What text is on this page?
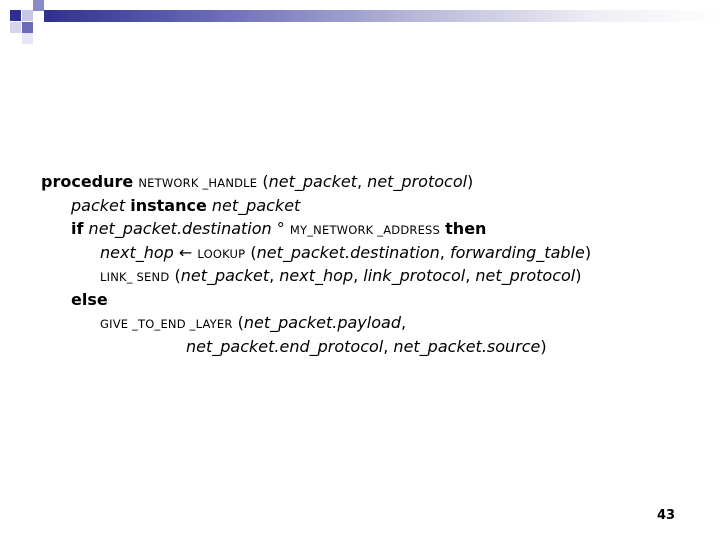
procedure NETWORK _HANDLE (net_packet, net_protocol)
packet instance net_packet
if net_packet.destination ° MY_NETWORK _ADDRESS then
next_hop ← LOOKUP (net_packet.destination, forwarding_table)
LINK_ SEND (net_packet, next_hop, link_protocol, net_protocol)
else
GIVE _TO_END _LAYER (net_packet.payload,
net_packet.end_protocol, net_packet.source)
43
